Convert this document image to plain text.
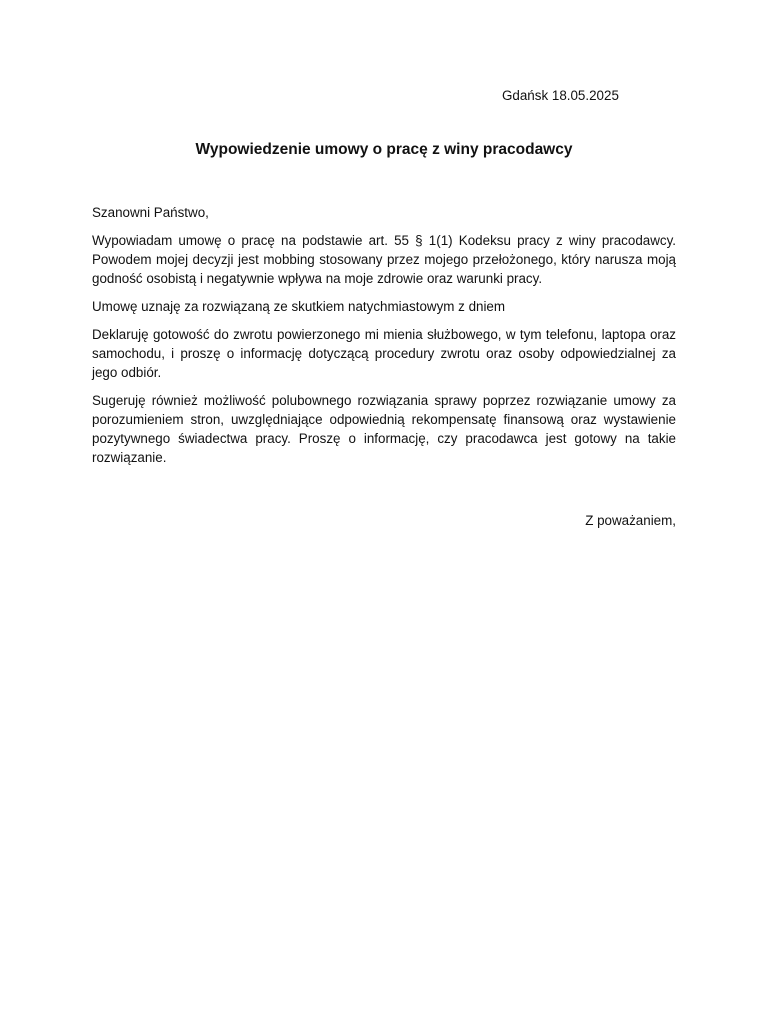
Gdańsk 18.05.2025
Wypowiedzenie umowy o pracę z winy pracodawcy

Szanowni Państwo,

Wypowiadam umowę o pracę na podstawie art. 55 § 1(1) Kodeksu pracy z winy pracodawcy. Powodem mojej decyzji jest mobbing stosowany przez mojego przełożonego, który narusza moją godność osobistą i negatywnie wpływa na moje zdrowie oraz warunki pracy.

Umowę uznaję za rozwiązaną ze skutkiem natychmiastowym z dniem

Deklaruję gotowość do zwrotu powierzonego mi mienia służbowego, w tym telefonu, laptopa oraz samochodu, i proszę o informację dotyczącą procedury zwrotu oraz osoby odpowiedzialnej za jego odbiór.

Sugeruję również możliwość polubownego rozwiązania sprawy poprzez rozwiązanie umowy za porozumieniem stron, uwzględniające odpowiednią rekompensatę finansową oraz wystawienie pozytywnego świadectwa pracy. Proszę o informację, czy pracodawca jest gotowy na takie rozwiązanie.

Z poważaniem,
